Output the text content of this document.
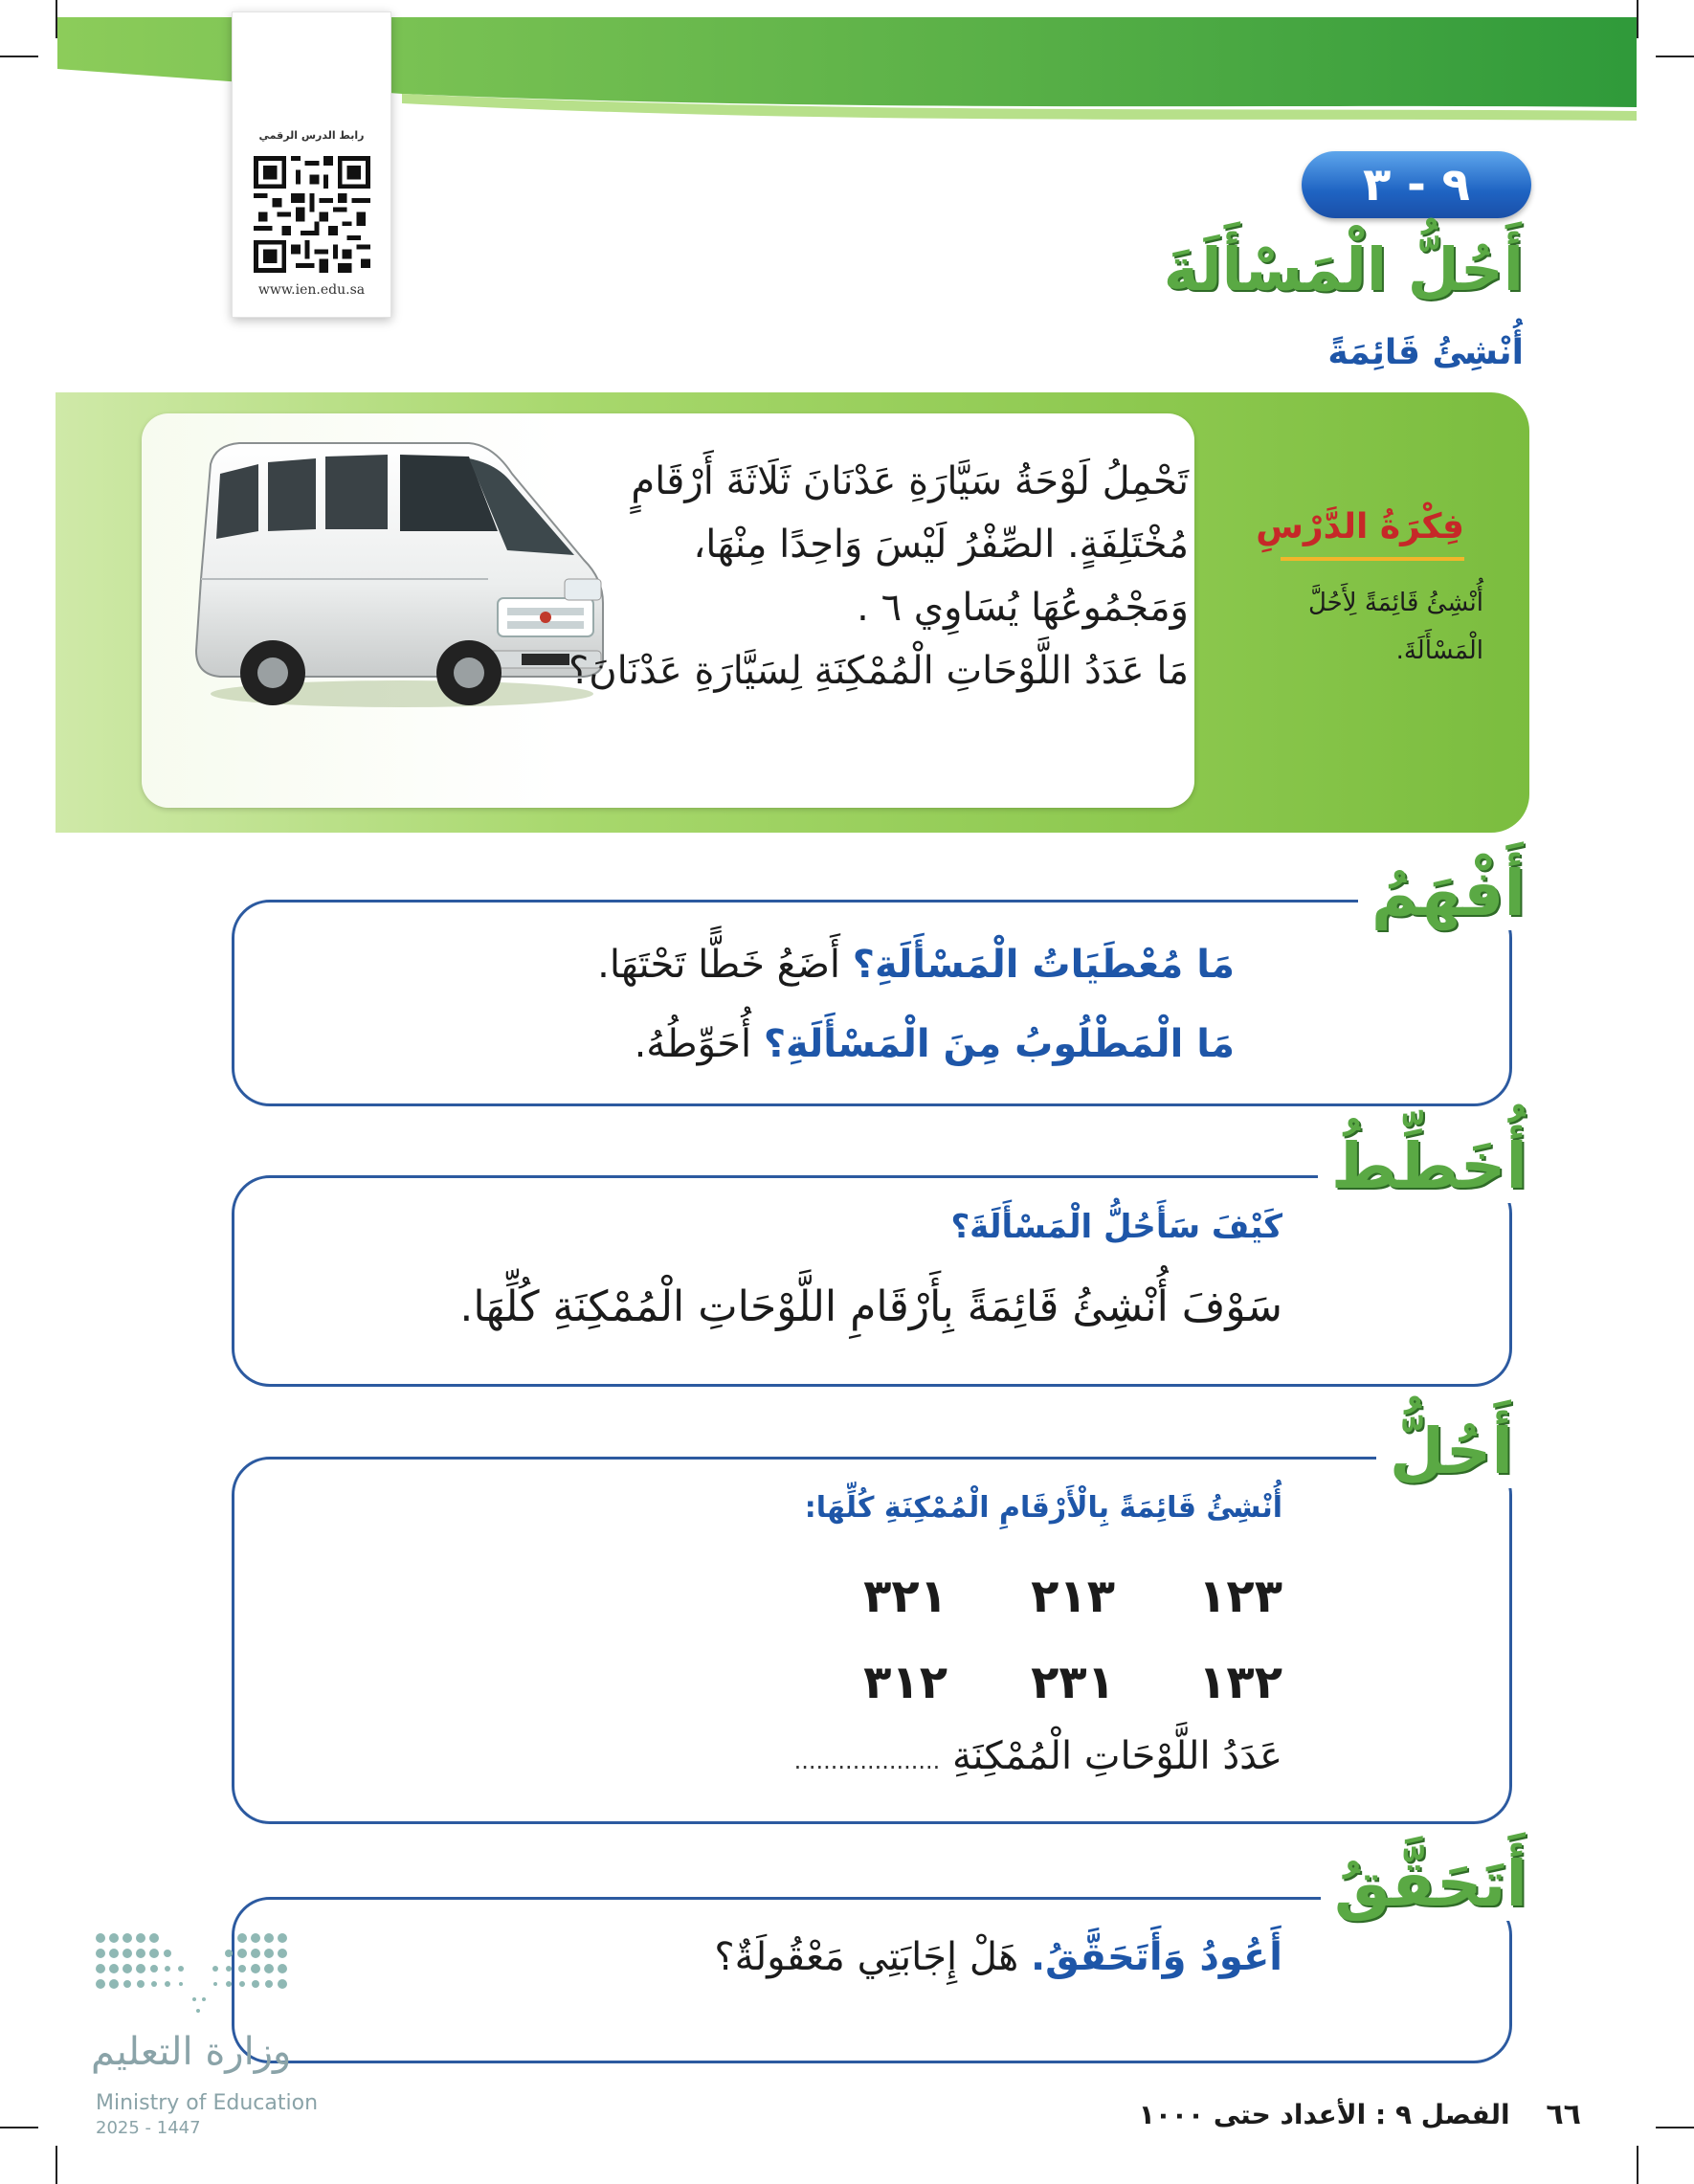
رابط الدرس الرقمي
www.ien.edu.sa
٩ - ٣
أَحُلُّ الْمَسْأَلَةَ
أُنْشِئُ قَائِمَةً
تَحْمِلُ لَوْحَةُ سَيَّارَةِ عَدْنَانَ ثَلَاثَةَ أَرْقَامٍ
مُخْتَلِفَةٍ. الصِّفْرُ لَيْسَ وَاحِدًا مِنْهَا،
وَمَجْمُوعُهَا يُسَاوِي ٦ .
مَا عَدَدُ اللَّوْحَاتِ الْمُمْكِنَةِ لِسَيَّارَةِ عَدْنَانَ؟
فِكْرَةُ الدَّرْسِ
أُنْشِئُ قَائِمَةً لِأَحُلَّ الْمَسْأَلَةَ.
أَفْهَمُ
مَا مُعْطَيَاتُ الْمَسْأَلَةِ؟ أَضَعُ خَطًّا تَحْتَهَا.
مَا الْمَطْلُوبُ مِنَ الْمَسْأَلَةِ؟ أُحَوِّطُهُ.
أُخَطِّطُ
كَيْفَ سَأَحُلُّ الْمَسْأَلَةَ؟
سَوْفَ أُنْشِئُ قَائِمَةً بِأَرْقَامِ اللَّوْحَاتِ الْمُمْكِنَةِ كُلِّهَا.
أَحُلُّ
أُنْشِئُ قَائِمَةً بِالْأَرْقَامِ الْمُمْكِنَةِ كُلِّهَا:
١٢٣
٢١٣
٣٢١
١٣٢
٢٣١
٣١٢
عَدَدُ اللَّوْحَاتِ الْمُمْكِنَةِ ....................
أَتَحَقَّقُ
أَعُودُ وَأَتَحَقَّقُ. هَلْ إِجَابَتِي مَعْقُولَةٌ؟
وزارة التعليم
Ministry of Education
2025 - 1447	٦٦ الفصل ٩ : الأعداد حتى ١٠٠٠
